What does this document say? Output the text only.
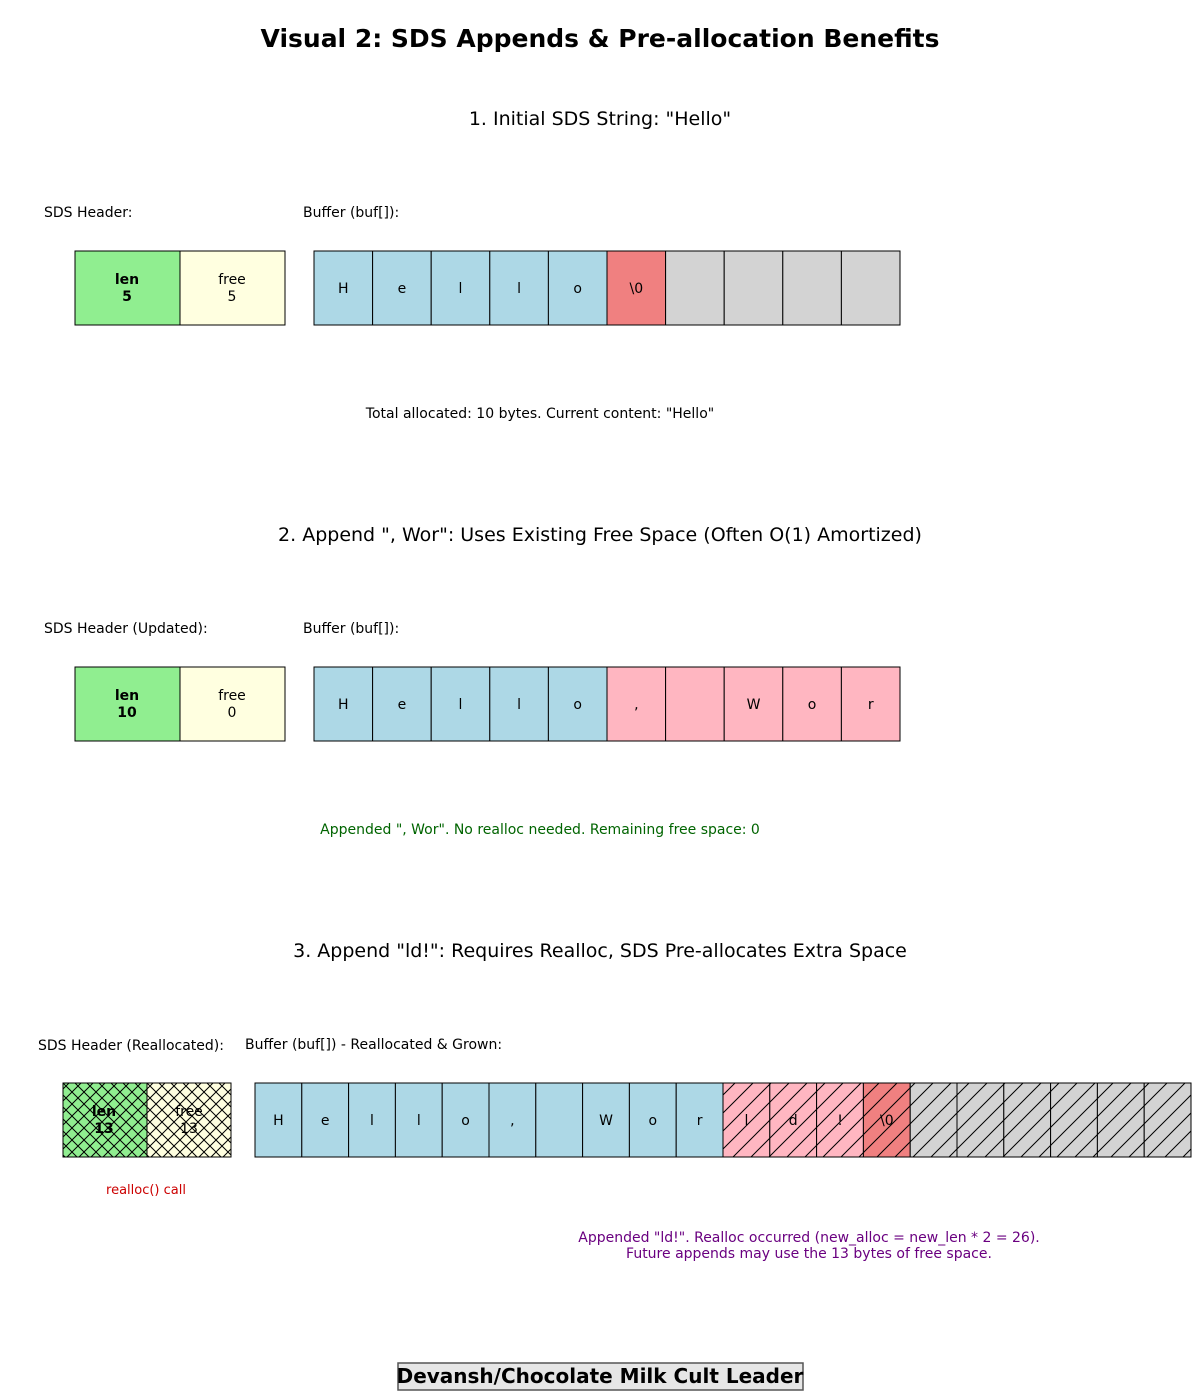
Visual 2: SDS Appends & Pre-allocation Benefits
1. Initial SDS String: "Hello"
SDS Header:	Buffer (buf[]):
len
5
free
5	H	e	l	l	o	\0
Total allocated: 10 bytes. Current content: "Hello"
2. Append ", Wor": Uses Existing Free Space (Often O(1) Amortized)
SDS Header (Updated):	Buffer (buf[]):
len
10
free
0	H	e	l	l	o	,	W	o	r
Appended ", Wor". No realloc needed. Remaining free space: 0
3. Append "ld!": Requires Realloc, SDS Pre-allocates Extra Space
SDS Header (Reallocated): Buffer (buf[]) - Reallocated & Grown:
len
13
free
13	H	e	l	l	o	,	W	o	r	l	d	!	\0
realloc() call
Appended "ld!". Realloc occurred (new_alloc = new_len * 2 = 26).
Future appends may use the 13 bytes of free space.
Devansh/Chocolate Milk Cult Leader
